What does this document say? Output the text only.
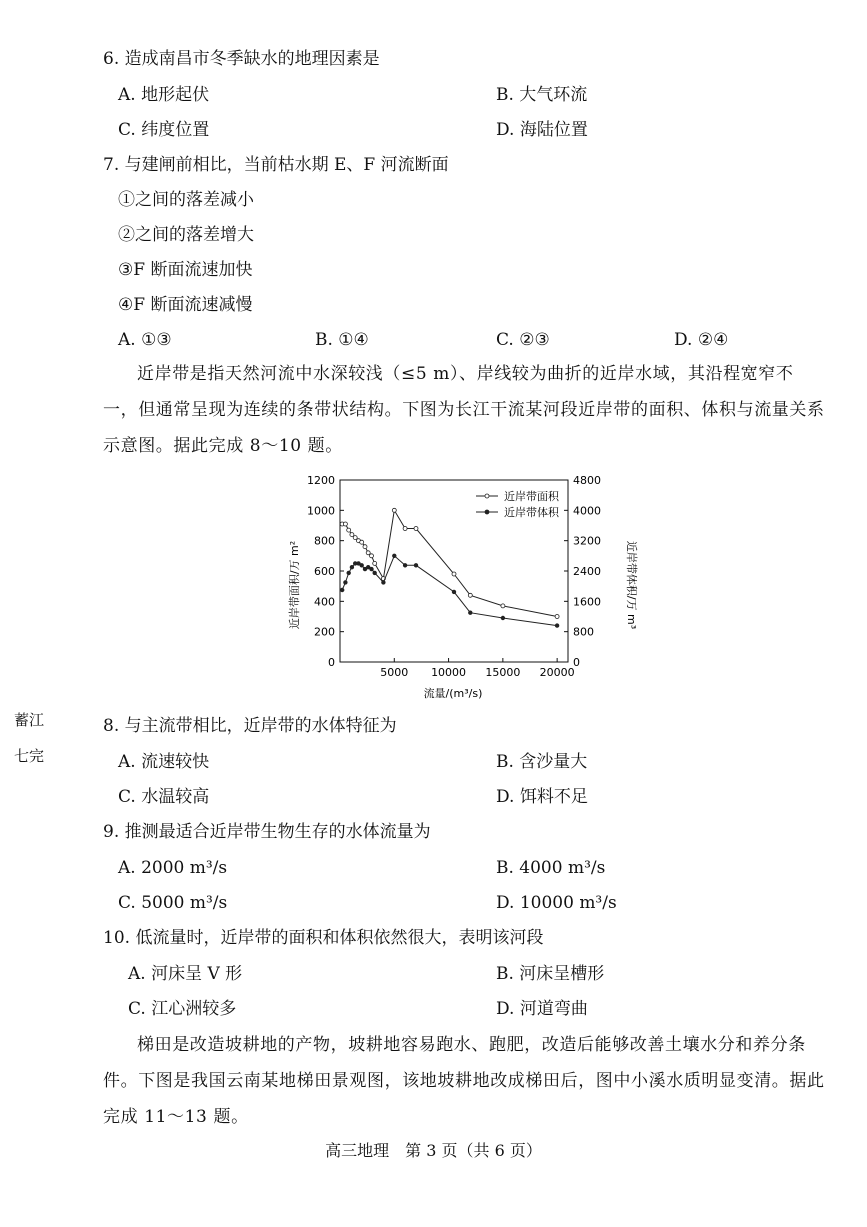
6. 造成南昌市冬季缺水的地理因素是
A. 地形起伏	B. 大气环流
C. 纬度位置	D. 海陆位置
7. 与建闸前相比，当前枯水期 E、F 河流断面
①之间的落差减小
②之间的落差增大
③F 断面流速加快
④F 断面流速减慢
A. ①③	B. ①④	C. ②③	D. ②④
近岸带是指天然河流中水深较浅（≤5 m）、岸线较为曲折的近岸水域，其沿程宽窄不一，但通常呈现为连续的条带状结构。下图为长江干流某河段近岸带的面积、体积与流量关系示意图。据此完成 8～10 题。
0
200
400
600
800
1000
1200
0
800
1600
2400
3200
4000
4800
5000 10000 15000 20000
近岸带面积
近岸带体积
近岸带面积/万 m²	近岸带体积/万 m³
流量/(m³/s)
蓄江
七完
8. 与主流带相比，近岸带的水体特征为
A. 流速较快	B. 含沙量大
C. 水温较高	D. 饵料不足
9. 推测最适合近岸带生物生存的水体流量为
A. 2000 m³/s	B. 4000 m³/s
C. 5000 m³/s	D. 10000 m³/s
10. 低流量时，近岸带的面积和体积依然很大，表明该河段
A. 河床呈 V 形	B. 河床呈槽形
C. 江心洲较多	D. 河道弯曲
梯田是改造坡耕地的产物，坡耕地容易跑水、跑肥，改造后能够改善土壤水分和养分条件。下图是我国云南某地梯田景观图，该地坡耕地改成梯田后，图中小溪水质明显变清。据此完成 11～13 题。
高三地理　第 3 页（共 6 页）
